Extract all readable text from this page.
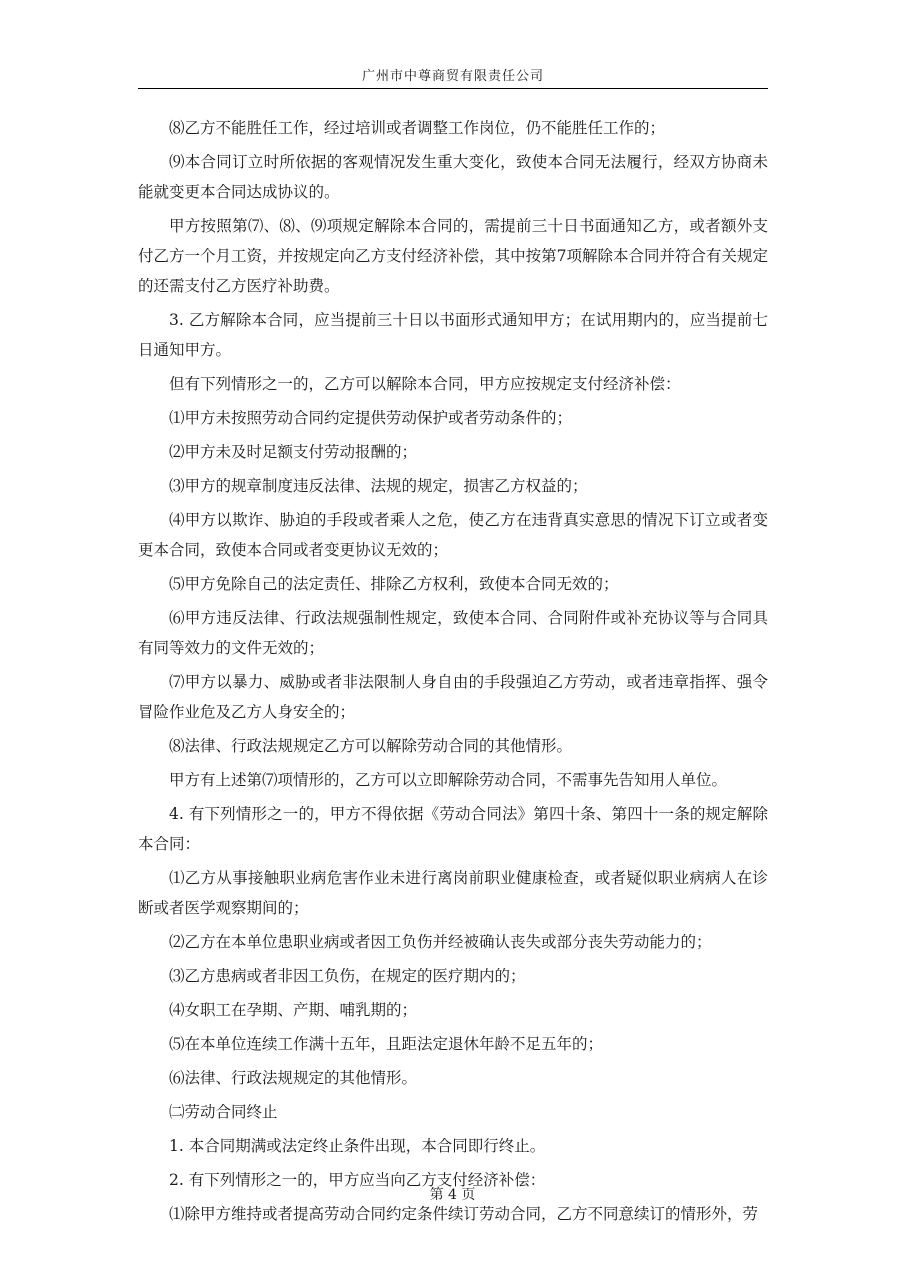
广州市中尊商贸有限责任公司

⑻乙方不能胜任工作，经过培训或者调整工作岗位，仍不能胜任工作的；

⑼本合同订立时所依据的客观情况发生重大变化，致使本合同无法履行，经双方协商未能就变更本合同达成协议的。

甲方按照第⑺、⑻、⑼项规定解除本合同的，需提前三十日书面通知乙方，或者额外支付乙方一个月工资，并按规定向乙方支付经济补偿，其中按第7项解除本合同并符合有关规定的还需支付乙方医疗补助费。

3. 乙方解除本合同，应当提前三十日以书面形式通知甲方；在试用期内的，应当提前七日通知甲方。

但有下列情形之一的，乙方可以解除本合同，甲方应按规定支付经济补偿：

⑴甲方未按照劳动合同约定提供劳动保护或者劳动条件的；

⑵甲方未及时足额支付劳动报酬的；

⑶甲方的规章制度违反法律、法规的规定，损害乙方权益的；

⑷甲方以欺诈、胁迫的手段或者乘人之危，使乙方在违背真实意思的情况下订立或者变更本合同，致使本合同或者变更协议无效的；

⑸甲方免除自己的法定责任、排除乙方权利，致使本合同无效的；

⑹甲方违反法律、行政法规强制性规定，致使本合同、合同附件或补充协议等与合同具有同等效力的文件无效的；

⑺甲方以暴力、威胁或者非法限制人身自由的手段强迫乙方劳动，或者违章指挥、强令冒险作业危及乙方人身安全的；

⑻法律、行政法规规定乙方可以解除劳动合同的其他情形。

甲方有上述第⑺项情形的，乙方可以立即解除劳动合同，不需事先告知用人单位。

4. 有下列情形之一的，甲方不得依据《劳动合同法》第四十条、第四十一条的规定解除本合同：

⑴乙方从事接触职业病危害作业未进行离岗前职业健康检查，或者疑似职业病病人在诊断或者医学观察期间的；

⑵乙方在本单位患职业病或者因工负伤并经被确认丧失或部分丧失劳动能力的；

⑶乙方患病或者非因工负伤，在规定的医疗期内的；

⑷女职工在孕期、产期、哺乳期的；

⑸在本单位连续工作满十五年，且距法定退休年龄不足五年的；

⑹法律、行政法规规定的其他情形。

㈡劳动合同终止

1. 本合同期满或法定终止条件出现，本合同即行终止。

2. 有下列情形之一的，甲方应当向乙方支付经济补偿：

⑴除甲方维持或者提高劳动合同约定条件续订劳动合同，乙方不同意续订的情形外，劳

第 4 页
